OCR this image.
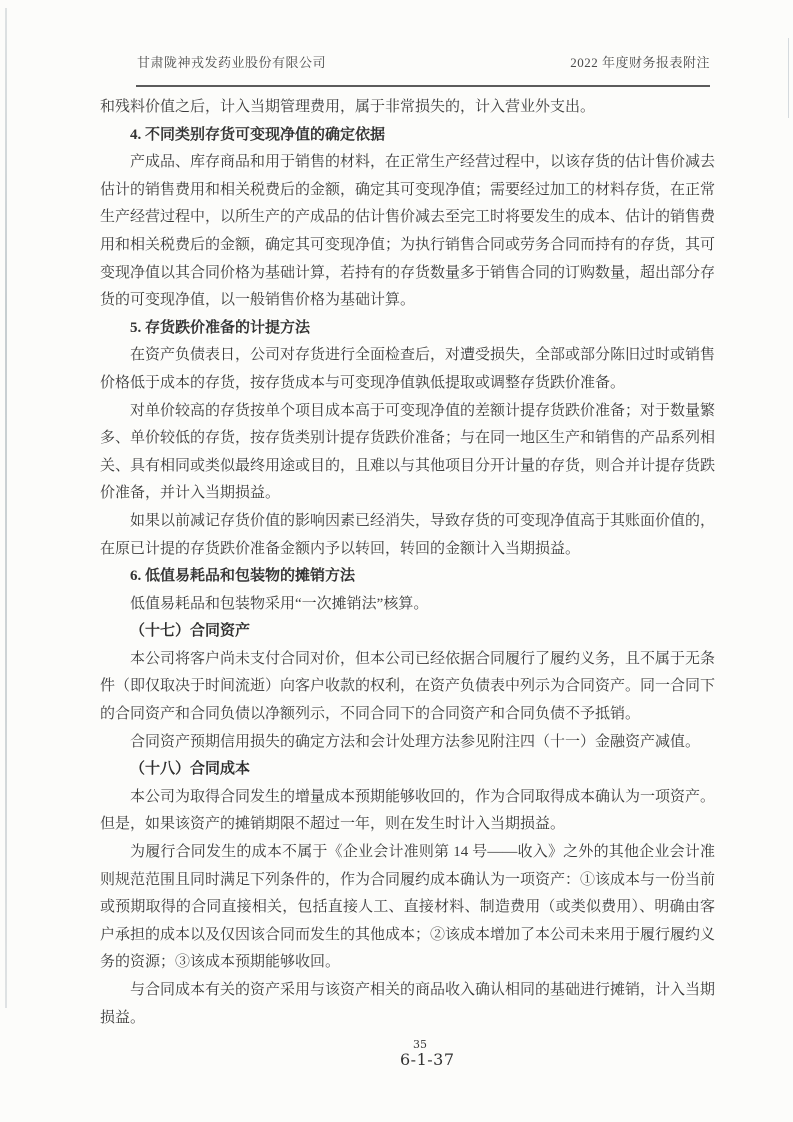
甘肃陇神戎发药业股份有限公司	2022 年度财务报表附注

和残料价值之后，计入当期管理费用，属于非常损失的，计入营业外支出。

4. 不同类别存货可变现净值的确定依据

产成品、库存商品和用于销售的材料，在正常生产经营过程中，以该存货的估计售价减去估计的销售费用和相关税费后的金额，确定其可变现净值；需要经过加工的材料存货，在正常生产经营过程中，以所生产的产成品的估计售价减去至完工时将要发生的成本、估计的销售费用和相关税费后的金额，确定其可变现净值；为执行销售合同或劳务合同而持有的存货，其可变现净值以其合同价格为基础计算，若持有的存货数量多于销售合同的订购数量，超出部分存货的可变现净值，以一般销售价格为基础计算。

5. 存货跌价准备的计提方法

在资产负债表日，公司对存货进行全面检查后，对遭受损失，全部或部分陈旧过时或销售价格低于成本的存货，按存货成本与可变现净值孰低提取或调整存货跌价准备。

对单价较高的存货按单个项目成本高于可变现净值的差额计提存货跌价准备；对于数量繁多、单价较低的存货，按存货类别计提存货跌价准备；与在同一地区生产和销售的产品系列相关、具有相同或类似最终用途或目的，且难以与其他项目分开计量的存货，则合并计提存货跌价准备，并计入当期损益。

如果以前减记存货价值的影响因素已经消失，导致存货的可变现净值高于其账面价值的，在原已计提的存货跌价准备金额内予以转回，转回的金额计入当期损益。

6. 低值易耗品和包装物的摊销方法

低值易耗品和包装物采用“一次摊销法”核算。

（十七）合同资产

本公司将客户尚未支付合同对价，但本公司已经依据合同履行了履约义务，且不属于无条件（即仅取决于时间流逝）向客户收款的权利，在资产负债表中列示为合同资产。同一合同下的合同资产和合同负债以净额列示，不同合同下的合同资产和合同负债不予抵销。

合同资产预期信用损失的确定方法和会计处理方法参见附注四（十一）金融资产减值。

（十八）合同成本

本公司为取得合同发生的增量成本预期能够收回的，作为合同取得成本确认为一项资产。但是，如果该资产的摊销期限不超过一年，则在发生时计入当期损益。

为履行合同发生的成本不属于《企业会计准则第 14 号——收入》之外的其他企业会计准则规范范围且同时满足下列条件的，作为合同履约成本确认为一项资产：①该成本与一份当前或预期取得的合同直接相关，包括直接人工、直接材料、制造费用（或类似费用）、明确由客户承担的成本以及仅因该合同而发生的其他成本；②该成本增加了本公司未来用于履行履约义务的资源；③该成本预期能够收回。

与合同成本有关的资产采用与该资产相关的商品收入确认相同的基础进行摊销，计入当期损益。

35
6-1-37
